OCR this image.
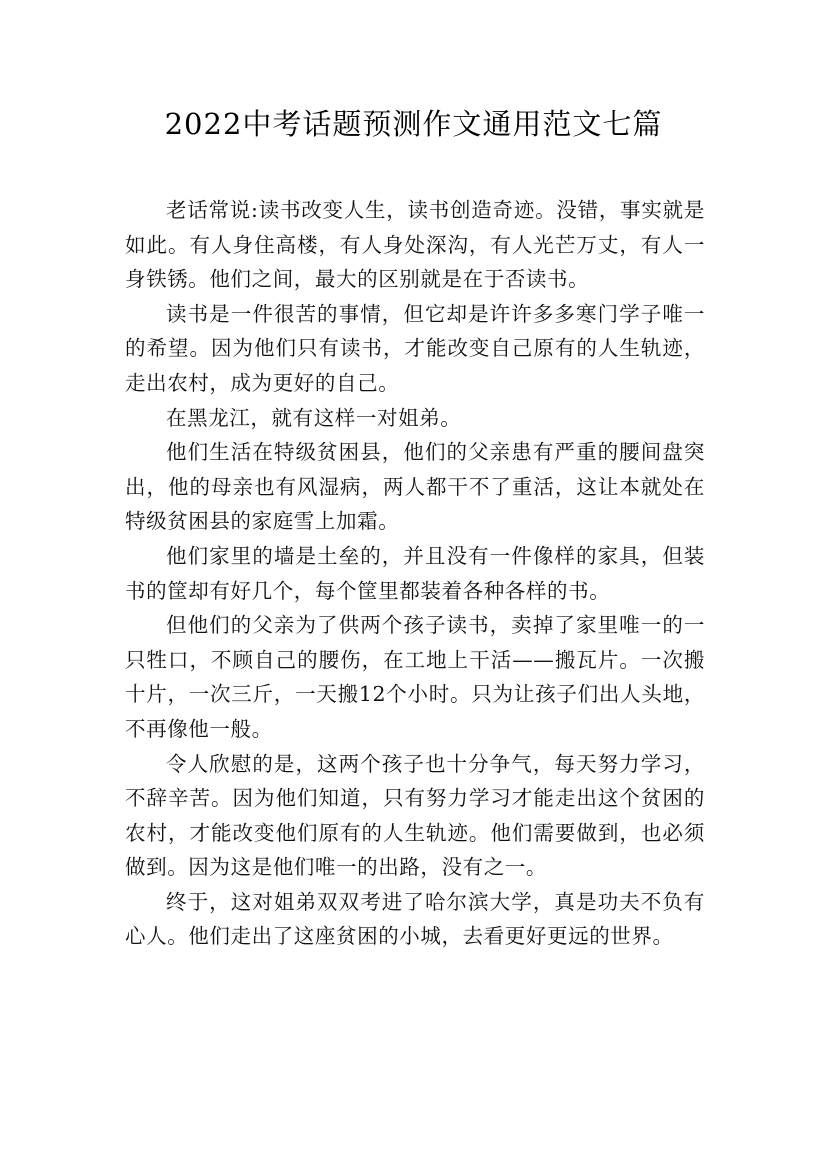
2022中考话题预测作文通用范文七篇

老话常说:读书改变人生，读书创造奇迹。没错，事实就是如此。有人身住高楼，有人身处深沟，有人光芒万丈，有人一身铁锈。他们之间，最大的区别就是在于否读书。

读书是一件很苦的事情，但它却是许许多多寒门学子唯一的希望。因为他们只有读书，才能改变自己原有的人生轨迹，走出农村，成为更好的自己。

在黑龙江，就有这样一对姐弟。

他们生活在特级贫困县，他们的父亲患有严重的腰间盘突出，他的母亲也有风湿病，两人都干不了重活，这让本就处在特级贫困县的家庭雪上加霜。

他们家里的墙是土垒的，并且没有一件像样的家具，但装书的筐却有好几个，每个筐里都装着各种各样的书。

但他们的父亲为了供两个孩子读书，卖掉了家里唯一的一只牲口，不顾自己的腰伤，在工地上干活——搬瓦片。一次搬十片，一次三斤，一天搬12个小时。只为让孩子们出人头地，不再像他一般。

令人欣慰的是，这两个孩子也十分争气，每天努力学习，不辞辛苦。因为他们知道，只有努力学习才能走出这个贫困的农村，才能改变他们原有的人生轨迹。他们需要做到，也必须做到。因为这是他们唯一的出路，没有之一。

终于，这对姐弟双双考进了哈尔滨大学，真是功夫不负有心人。他们走出了这座贫困的小城，去看更好更远的世界。
